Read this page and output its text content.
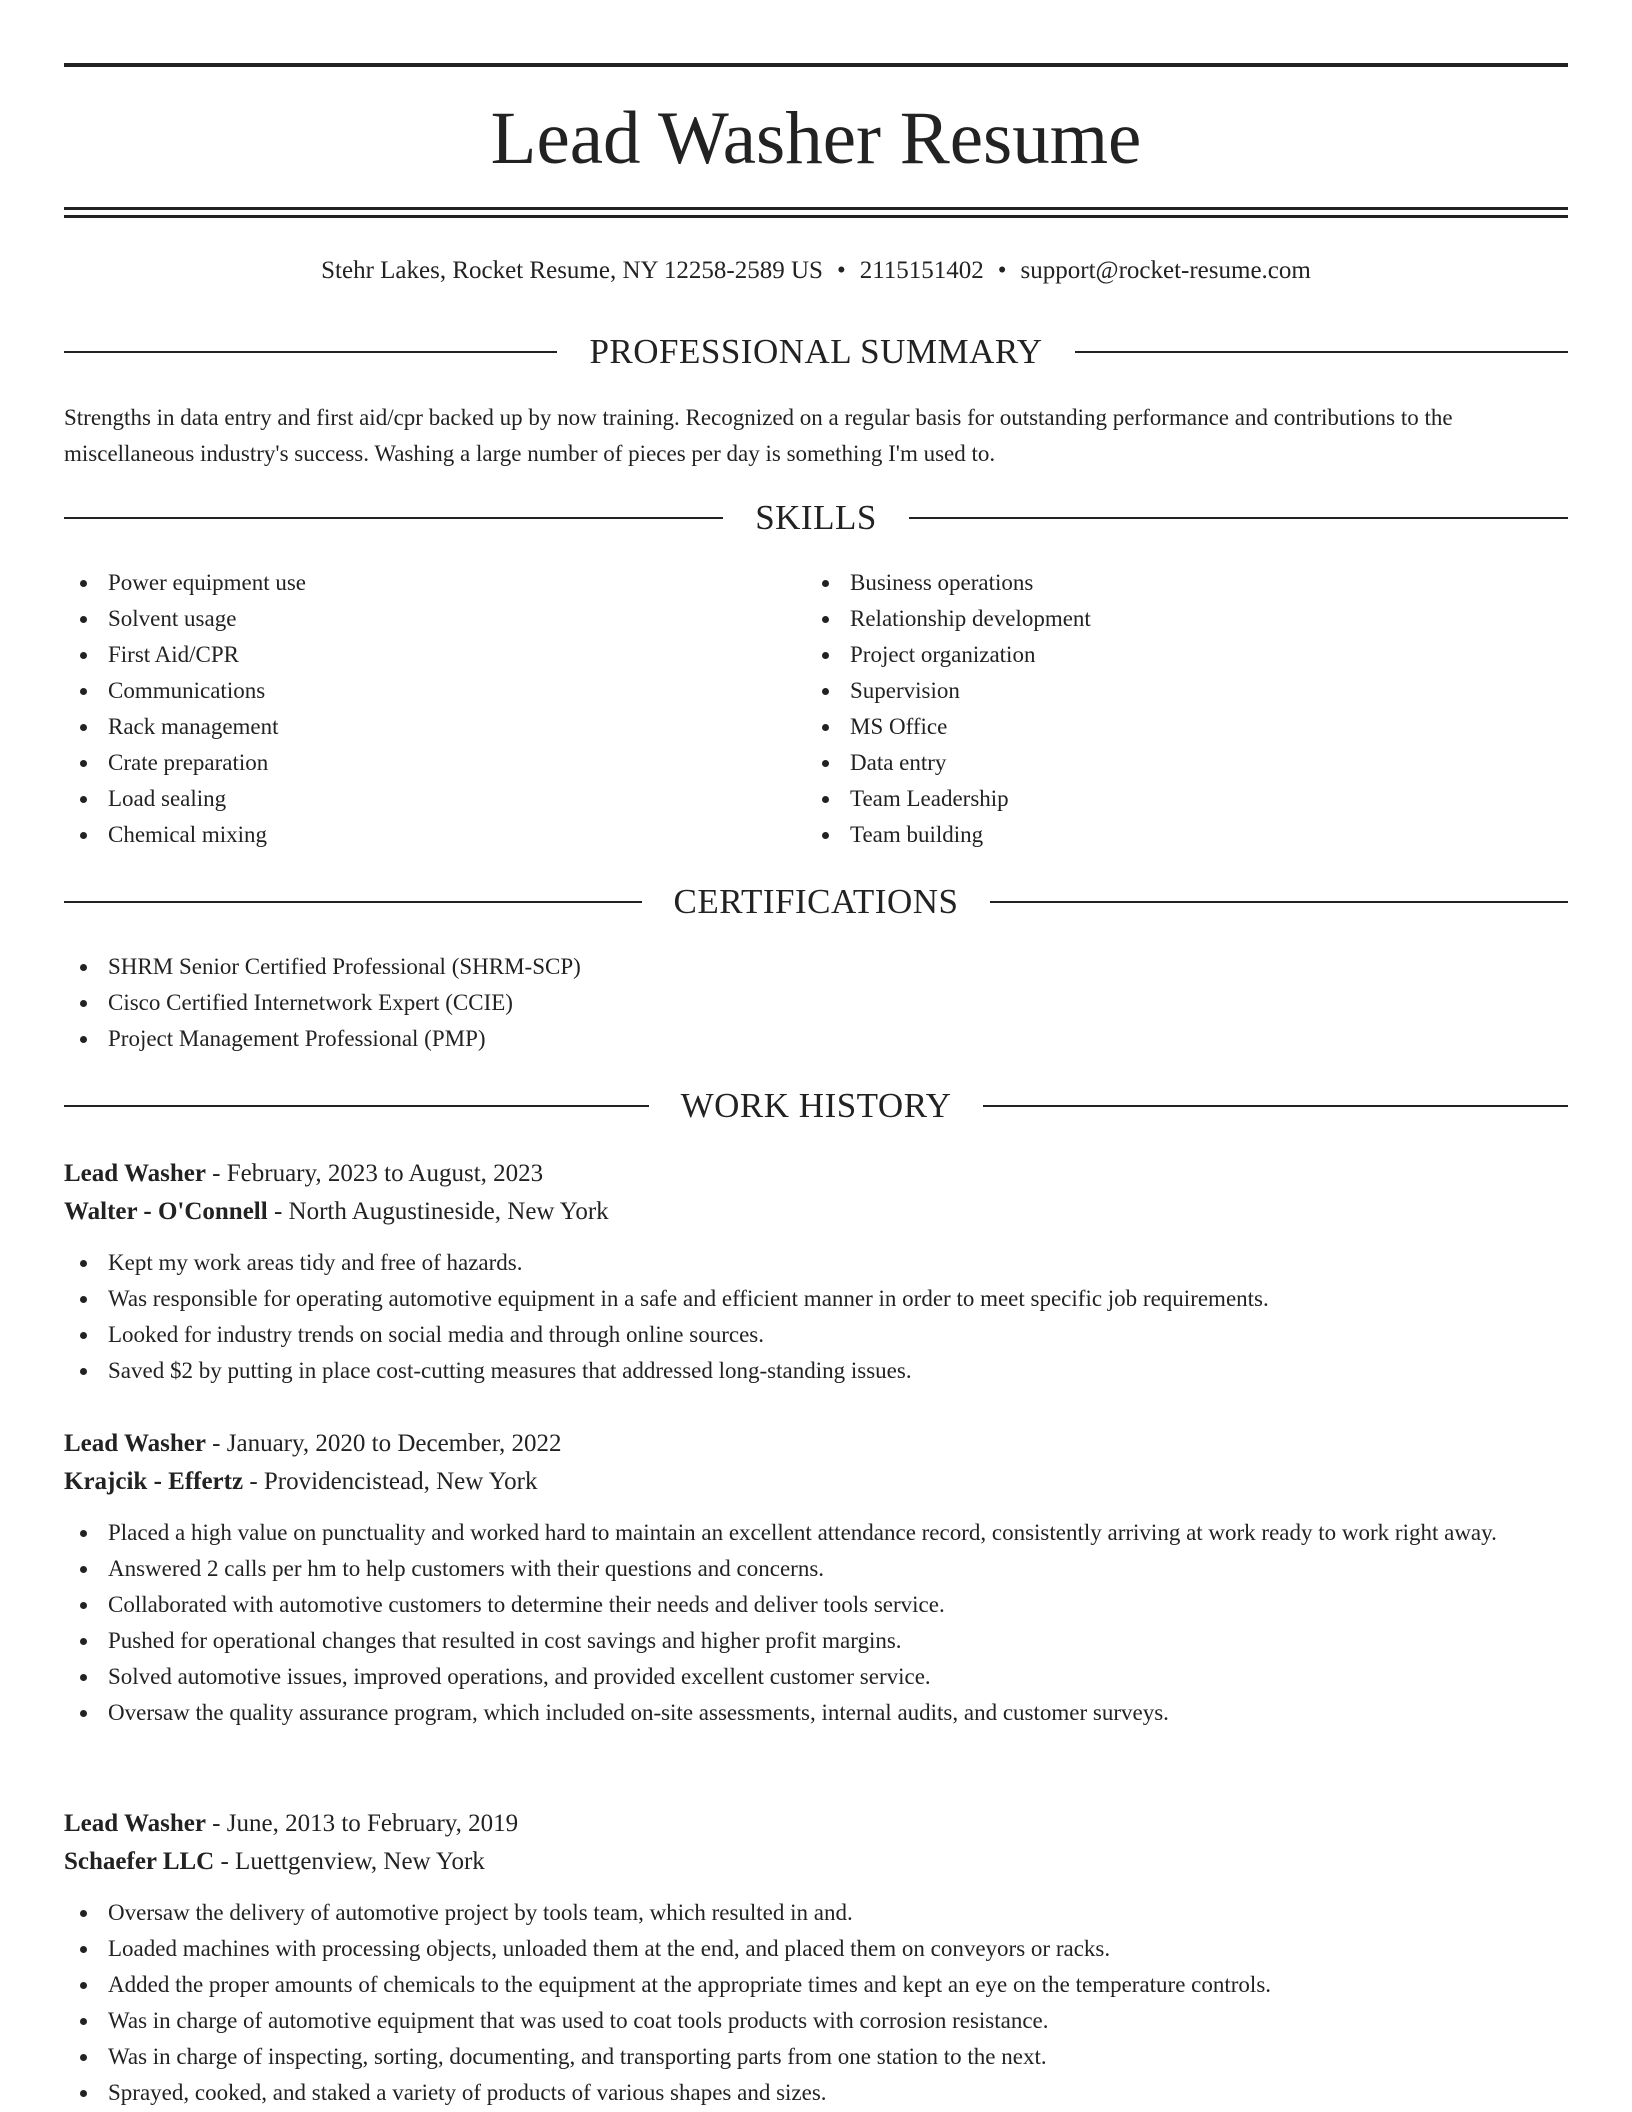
Lead Washer Resume
Stehr Lakes, Rocket Resume, NY 12258-2589 US • 2115151402 • support@rocket-resume.com
PROFESSIONAL SUMMARY

Strengths in data entry and first aid/cpr backed up by now training. Recognized on a regular basis for outstanding performance and contributions to the miscellaneous industry's success. Washing a large number of pieces per day is something I'm used to.

SKILLS
Power equipment use
Solvent usage
First Aid/CPR
Communications
Rack management
Crate preparation
Load sealing
Chemical mixing
Business operations
Relationship development
Project organization
Supervision
MS Office
Data entry
Team Leadership
Team building
CERTIFICATIONS
SHRM Senior Certified Professional (SHRM-SCP)
Cisco Certified Internetwork Expert (CCIE)
Project Management Professional (PMP)
WORK HISTORY
Lead Washer - February, 2023 to August, 2023
Walter - O'Connell - North Augustineside, New York
Kept my work areas tidy and free of hazards.
Was responsible for operating automotive equipment in a safe and efficient manner in order to meet specific job requirements.
Looked for industry trends on social media and through online sources.
Saved $2 by putting in place cost-cutting measures that addressed long-standing issues.
Lead Washer - January, 2020 to December, 2022
Krajcik - Effertz - Providencistead, New York
Placed a high value on punctuality and worked hard to maintain an excellent attendance record, consistently arriving at work ready to work right away.
Answered 2 calls per hm to help customers with their questions and concerns.
Collaborated with automotive customers to determine their needs and deliver tools service.
Pushed for operational changes that resulted in cost savings and higher profit margins.
Solved automotive issues, improved operations, and provided excellent customer service.
Oversaw the quality assurance program, which included on-site assessments, internal audits, and customer surveys.
Lead Washer - June, 2013 to February, 2019
Schaefer LLC - Luettgenview, New York
Oversaw the delivery of automotive project by tools team, which resulted in and.
Loaded machines with processing objects, unloaded them at the end, and placed them on conveyors or racks.
Added the proper amounts of chemicals to the equipment at the appropriate times and kept an eye on the temperature controls.
Was in charge of automotive equipment that was used to coat tools products with corrosion resistance.
Was in charge of inspecting, sorting, documenting, and transporting parts from one station to the next.
Sprayed, cooked, and staked a variety of products of various shapes and sizes.
